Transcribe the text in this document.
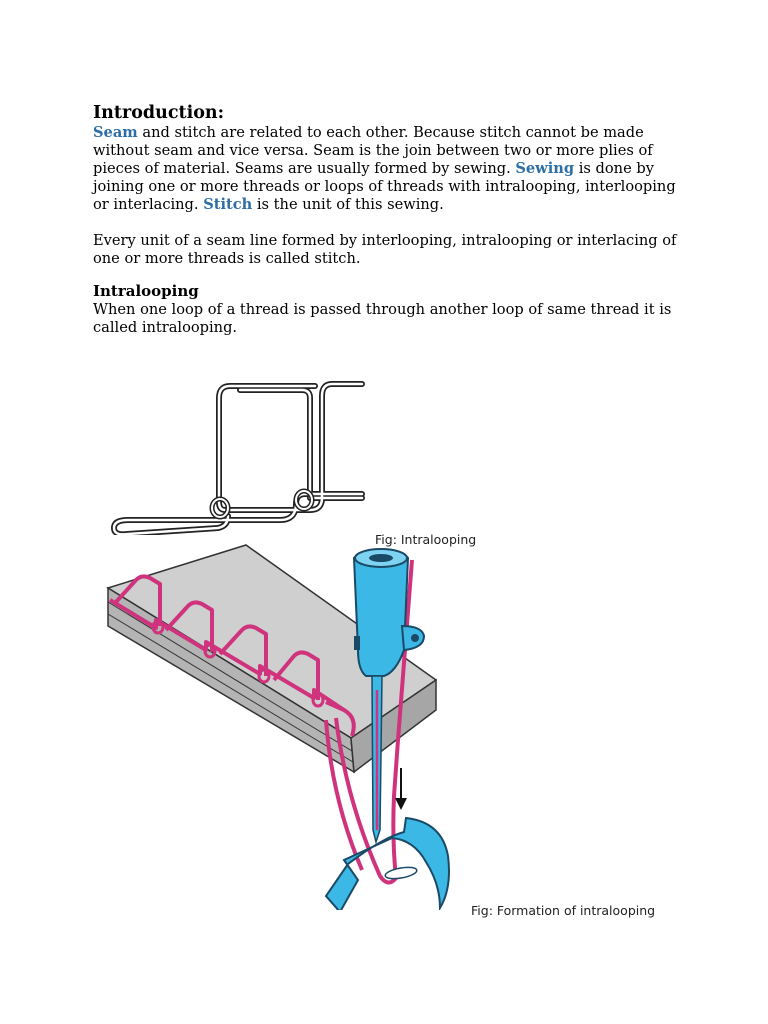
Introduction:

Seam and stitch are related to each other. Because stitch cannot be made

without seam and vice versa. Seam is the join between two or more plies of

pieces of material. Seams are usually formed by sewing. Sewing is done by

joining one or more threads or loops of threads with intralooping, interlooping

or interlacing. Stitch is the unit of this sewing.

Every unit of a seam line formed by interlooping, intralooping or interlacing of

one or more threads is called stitch.

Intralooping

When one loop of a thread is passed through another loop of same thread it is

called intralooping.

Fig: Intralooping
Fig: Formation of intralooping
